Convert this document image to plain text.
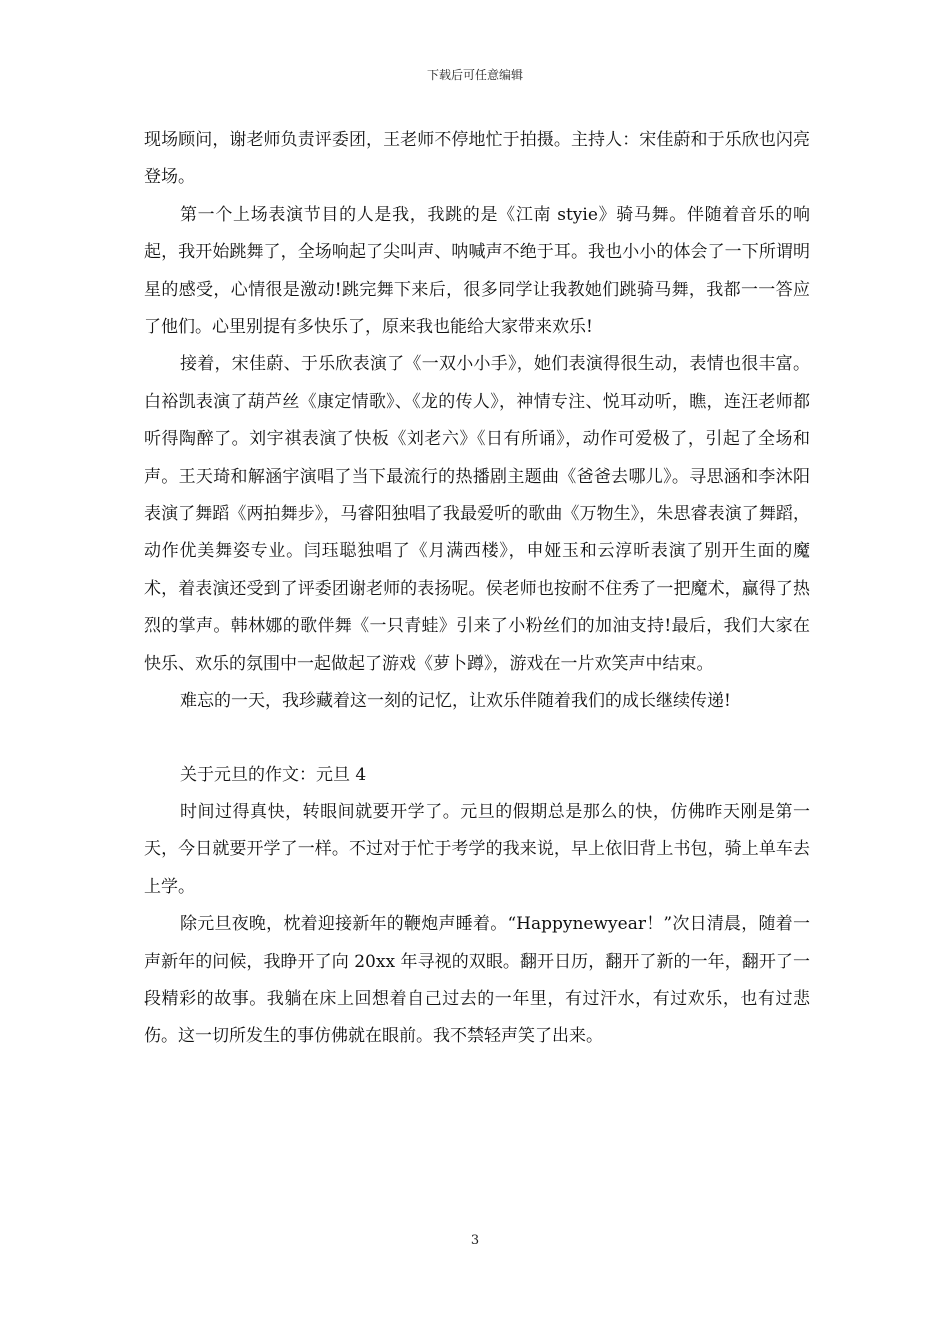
下载后可任意编辑

现场顾问，谢老师负责评委团，王老师不停地忙于拍摄。主持人：宋佳蔚和于乐欣也闪亮登场。

第一个上场表演节目的人是我，我跳的是《江南 styie》骑马舞。伴随着音乐的响起，我开始跳舞了，全场响起了尖叫声、呐喊声不绝于耳。我也小小的体会了一下所谓明星的感受，心情很是激动!跳完舞下来后，很多同学让我教她们跳骑马舞，我都一一答应了他们。心里别提有多快乐了，原来我也能给大家带来欢乐!

接着，宋佳蔚、于乐欣表演了《一双小小手》，她们表演得很生动，表情也很丰富。白裕凯表演了葫芦丝《康定情歌》、《龙的传人》，神情专注、悦耳动听，瞧，连汪老师都听得陶醉了。刘宇祺表演了快板《刘老六》《日有所诵》，动作可爱极了，引起了全场和声。王天琦和解涵宇演唱了当下最流行的热播剧主题曲《爸爸去哪儿》。寻思涵和李沐阳表演了舞蹈《两拍舞步》，马睿阳独唱了我最爱听的歌曲《万物生》，朱思睿表演了舞蹈，动作优美舞姿专业。闫珏聪独唱了《月满西楼》，申娅玉和云淳昕表演了别开生面的魔术，着表演还受到了评委团谢老师的表扬呢。侯老师也按耐不住秀了一把魔术，赢得了热烈的掌声。韩林娜的歌伴舞《一只青蛙》引来了小粉丝们的加油支持!最后，我们大家在快乐、欢乐的氛围中一起做起了游戏《萝卜蹲》，游戏在一片欢笑声中结束。

难忘的一天，我珍藏着这一刻的记忆，让欢乐伴随着我们的成长继续传递!

关于元旦的作文：元旦 4

时间过得真快，转眼间就要开学了。元旦的假期总是那么的快，仿佛昨天刚是第一天，今日就要开学了一样。不过对于忙于考学的我来说，早上依旧背上书包，骑上单车去上学。

除元旦夜晚，枕着迎接新年的鞭炮声睡着。“Happynewyear！”次日清晨，随着一声新年的问候，我睁开了向 20xx 年寻视的双眼。翻开日历，翻开了新的一年，翻开了一段精彩的故事。我躺在床上回想着自己过去的一年里，有过汗水，有过欢乐，也有过悲伤。这一切所发生的事仿佛就在眼前。我不禁轻声笑了出来。

3
